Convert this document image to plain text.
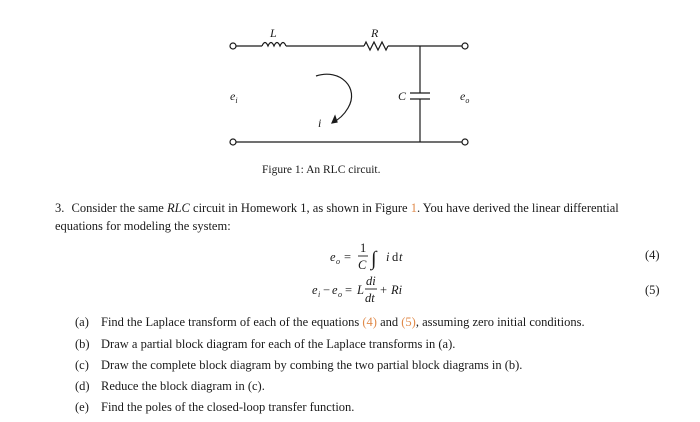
L	R
C
$e_i$	$e_o$
i
Figure 1: An RLC circuit.
3. Consider the same RLC circuit in Homework 1, as shown in Figure 1. You have derived the linear differential equations for modeling the system:
e o =
1
C ∫ i d t	(4)
e i − e o = L
di
dt
+ Ri	(5)
(a) Find the Laplace transform of each of the equations (4) and (5), assuming zero initial conditions.
(b) Draw a partial block diagram for each of the Laplace transforms in (a).
(c) Draw the complete block diagram by combing the two partial block diagrams in (b).
(d) Reduce the block diagram in (c).
(e) Find the poles of the closed-loop transfer function.
